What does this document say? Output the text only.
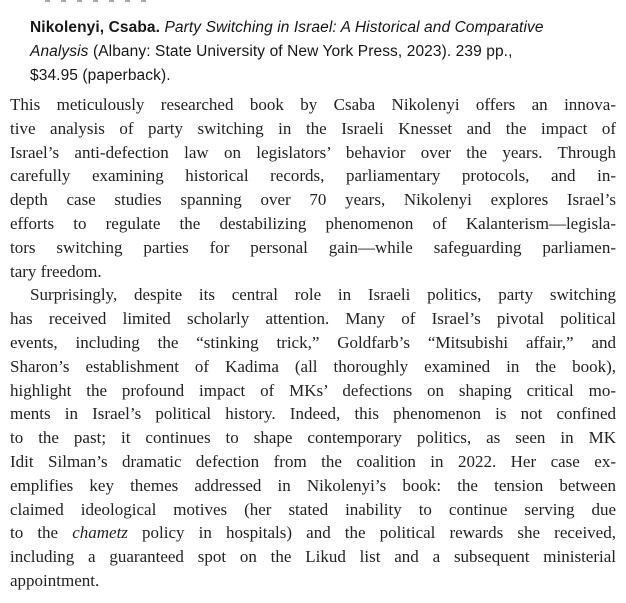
Nikolenyi, Csaba. Party Switching in Israel: A Historical and Comparative
Analysis (Albany: State University of New York Press, 2023). 239 pp.,
$34.95 (paperback).
This meticulously researched book by Csaba Nikolenyi offers an innova-
tive analysis of party switching in the Israeli Knesset and the impact of
Israel’s anti-defection law on legislators’ behavior over the years. Through
carefully examining historical records, parliamentary protocols, and in-
depth case studies spanning over 70 years, Nikolenyi explores Israel’s
efforts to regulate the destabilizing phenomenon of Kalanterism—legisla-
tors switching parties for personal gain—while safeguarding parliamen-
tary freedom.
Surprisingly, despite its central role in Israeli politics, party switching
has received limited scholarly attention. Many of Israel’s pivotal political
events, including the “stinking trick,” Goldfarb’s “Mitsubishi affair,” and
Sharon’s establishment of Kadima (all thoroughly examined in the book),
highlight the profound impact of MKs’ defections on shaping critical mo-
ments in Israel’s political history. Indeed, this phenomenon is not confined
to the past; it continues to shape contemporary politics, as seen in MK
Idit Silman’s dramatic defection from the coalition in 2022. Her case ex-
emplifies key themes addressed in Nikolenyi’s book: the tension between
claimed ideological motives (her stated inability to continue serving due
to the chametz policy in hospitals) and the political rewards she received,
including a guaranteed spot on the Likud list and a subsequent ministerial
appointment.
